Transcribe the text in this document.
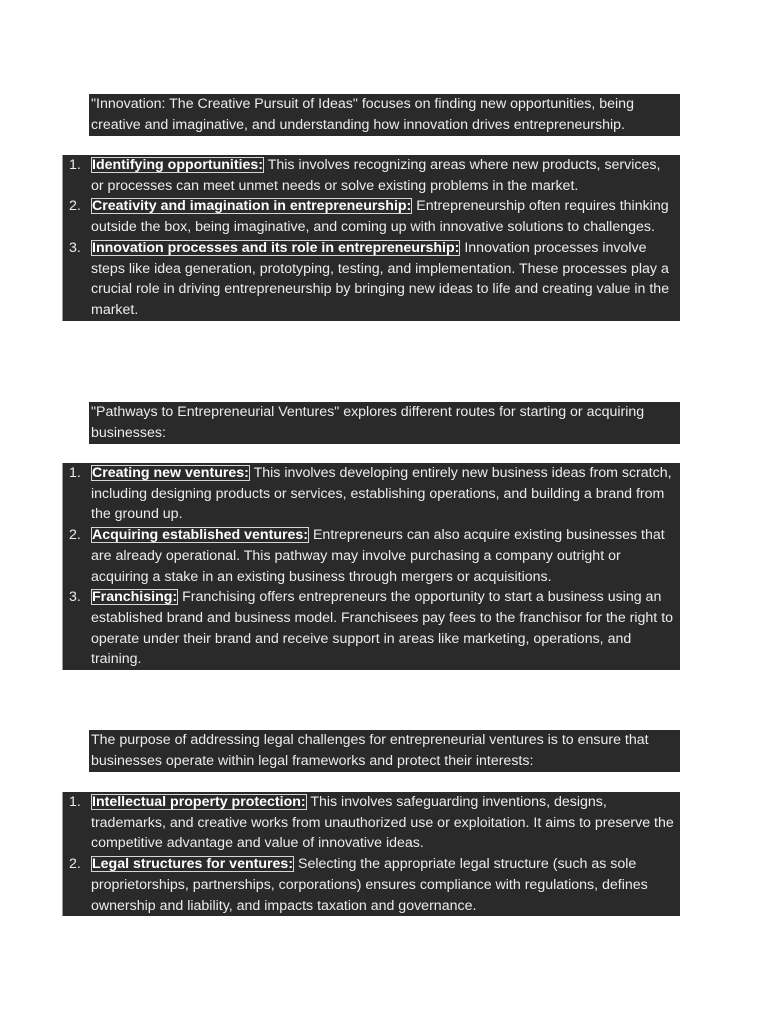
"Innovation: The Creative Pursuit of Ideas" focuses on finding new opportunities, being creative and imaginative, and understanding how innovation drives entrepreneurship.

1. Identifying opportunities: This involves recognizing areas where new products, services, or processes can meet unmet needs or solve existing problems in the market.
2. Creativity and imagination in entrepreneurship: Entrepreneurship often requires thinking outside the box, being imaginative, and coming up with innovative solutions to challenges.
3. Innovation processes and its role in entrepreneurship: Innovation processes involve steps like idea generation, prototyping, testing, and implementation. These processes play a crucial role in driving entrepreneurship by bringing new ideas to life and creating value in the market.

"Pathways to Entrepreneurial Ventures" explores different routes for starting or acquiring businesses:

1. Creating new ventures: This involves developing entirely new business ideas from scratch, including designing products or services, establishing operations, and building a brand from the ground up.
2. Acquiring established ventures: Entrepreneurs can also acquire existing businesses that are already operational. This pathway may involve purchasing a company outright or acquiring a stake in an existing business through mergers or acquisitions.
3. Franchising: Franchising offers entrepreneurs the opportunity to start a business using an established brand and business model. Franchisees pay fees to the franchisor for the right to operate under their brand and receive support in areas like marketing, operations, and training.

The purpose of addressing legal challenges for entrepreneurial ventures is to ensure that businesses operate within legal frameworks and protect their interests:

1. Intellectual property protection: This involves safeguarding inventions, designs, trademarks, and creative works from unauthorized use or exploitation. It aims to preserve the competitive advantage and value of innovative ideas.
2. Legal structures for ventures: Selecting the appropriate legal structure (such as sole proprietorships, partnerships, corporations) ensures compliance with regulations, defines ownership and liability, and impacts taxation and governance.
